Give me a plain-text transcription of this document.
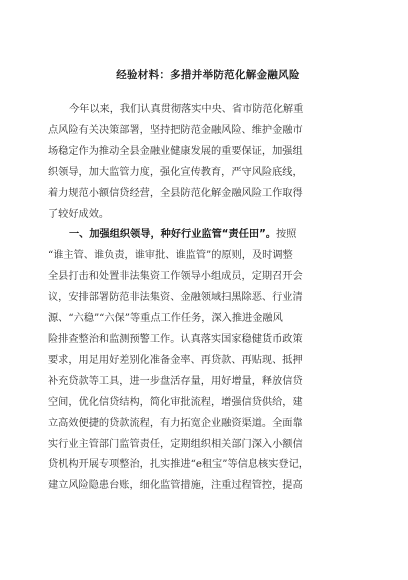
经验材料：多措并举防范化解金融风险

今年以来，我们认真贯彻落实中央、省市防范化解重
点风险有关决策部署，坚持把防范金融风险、维护金融市
场稳定作为推动全县金融业健康发展的重要保证，加强组
织领导，加大监管力度，强化宣传教育，严守风险底线，
着力规范小额信贷经营，全县防范化解金融风险工作取得
了较好成效。

一、加强组织领导，种好行业监管“责任田”。按照
“谁主管、谁负责，谁审批、谁监管”的原则，及时调整
全县打击和处置非法集资工作领导小组成员，定期召开会
议，安排部署防范非法集资、金融领域扫黑除恶、行业清
源、“六稳”“六保”等重点工作任务，深入推进金融风
险排查整治和监测预警工作。认真落实国家稳健货币政策
要求，用足用好差别化准备金率、再贷款、再贴现、抵押
补充贷款等工具，进一步盘活存量，用好增量，释放信贷
空间，优化信贷结构，简化审批流程，增强信贷供给，建
立高效便捷的贷款流程，有力拓宽企业融资渠道。全面靠
实行业主管部门监管责任，定期组织相关部门深入小额信
贷机构开展专项整治，扎实推进“e租宝”等信息核实登记，
建立风险隐患台账，细化监管措施，注重过程管控，提高
